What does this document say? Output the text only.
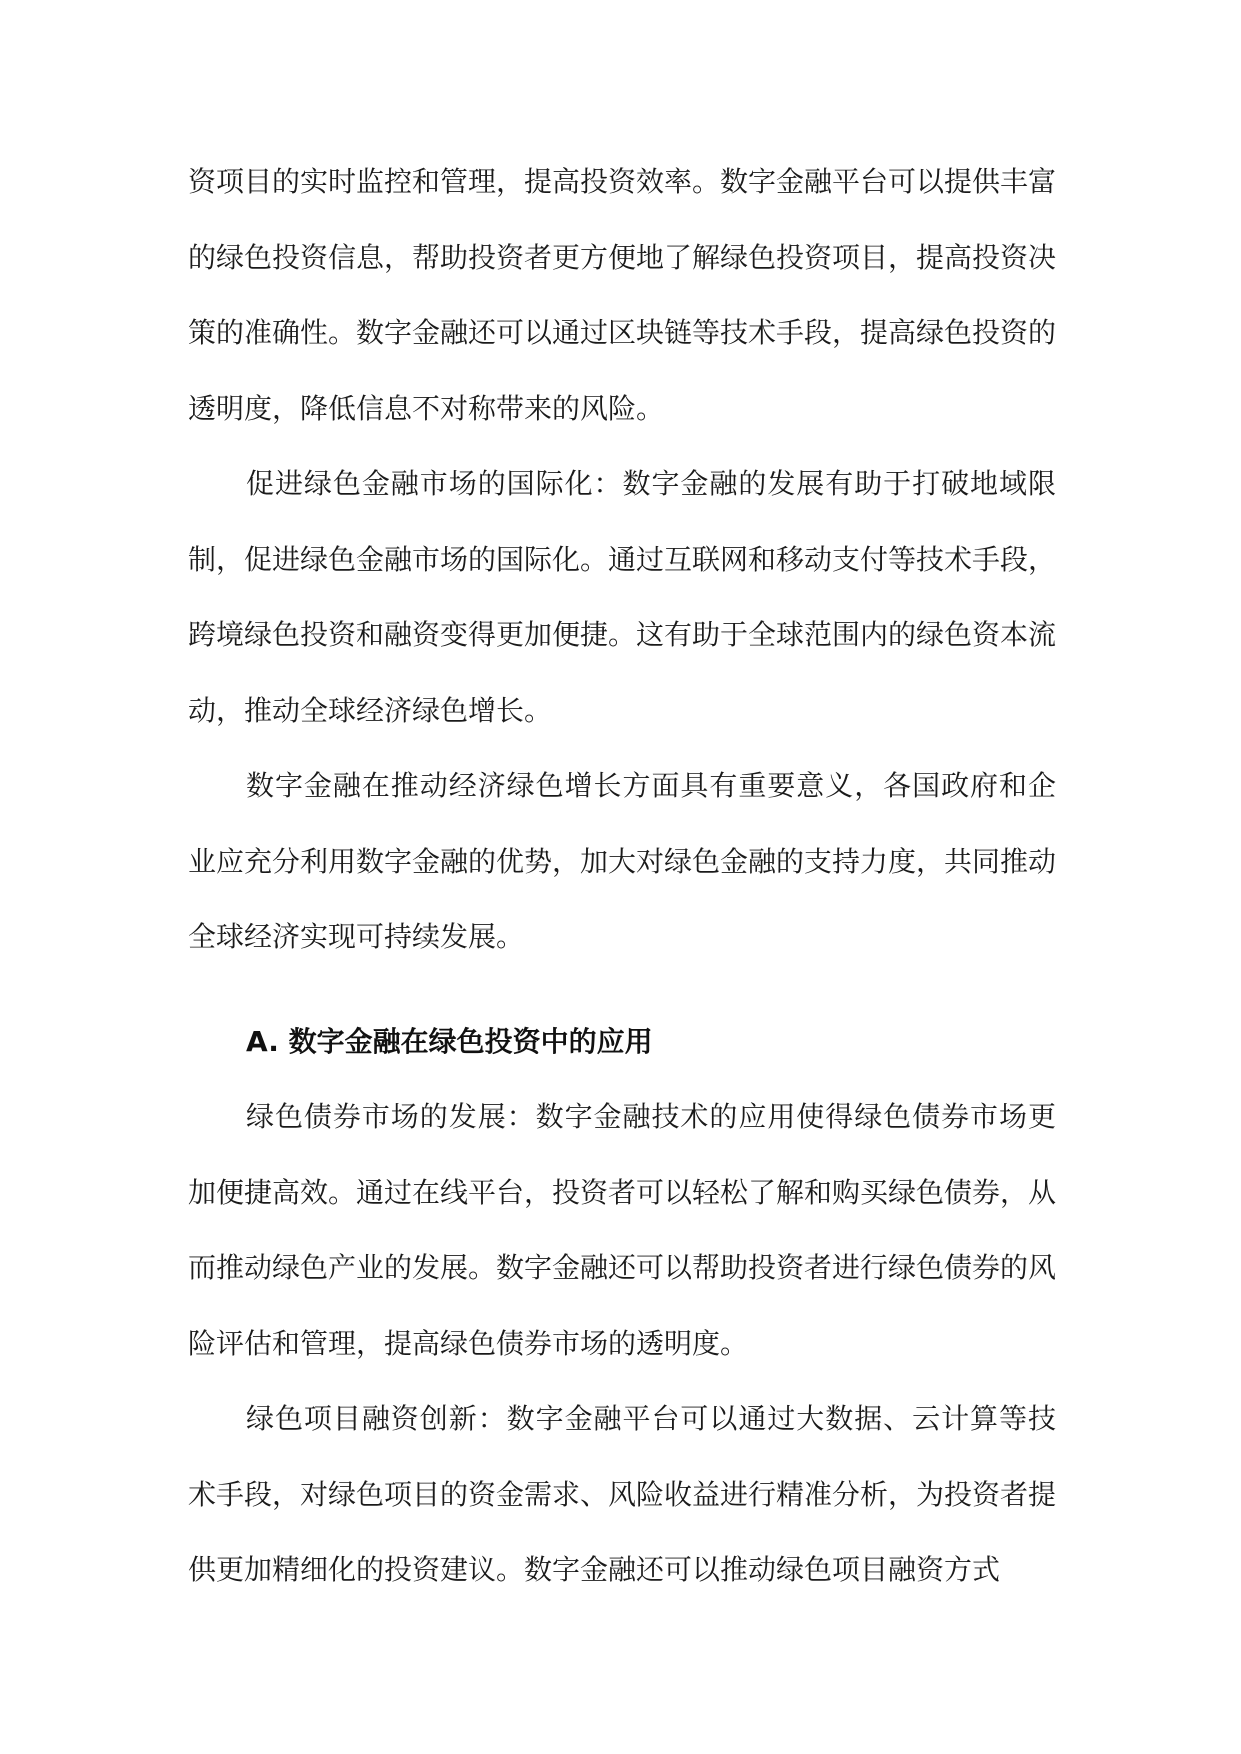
资项目的实时监控和管理，提高投资效率。数字金融平台可以提供丰富的绿色投资信息，帮助投资者更方便地了解绿色投资项目，提高投资决策的准确性。数字金融还可以通过区块链等技术手段，提高绿色投资的透明度，降低信息不对称带来的风险。

促进绿色金融市场的国际化：数字金融的发展有助于打破地域限制，促进绿色金融市场的国际化。通过互联网和移动支付等技术手段，跨境绿色投资和融资变得更加便捷。这有助于全球范围内的绿色资本流动，推动全球经济绿色增长。

数字金融在推动经济绿色增长方面具有重要意义，各国政府和企业应充分利用数字金融的优势，加大对绿色金融的支持力度，共同推动全球经济实现可持续发展。

A. 数字金融在绿色投资中的应用

绿色债券市场的发展：数字金融技术的应用使得绿色债券市场更加便捷高效。通过在线平台，投资者可以轻松了解和购买绿色债券，从而推动绿色产业的发展。数字金融还可以帮助投资者进行绿色债券的风险评估和管理，提高绿色债券市场的透明度。

绿色项目融资创新：数字金融平台可以通过大数据、云计算等技术手段，对绿色项目的资金需求、风险收益进行精准分析，为投资者提供更加精细化的投资建议。数字金融还可以推动绿色项目融资方式
